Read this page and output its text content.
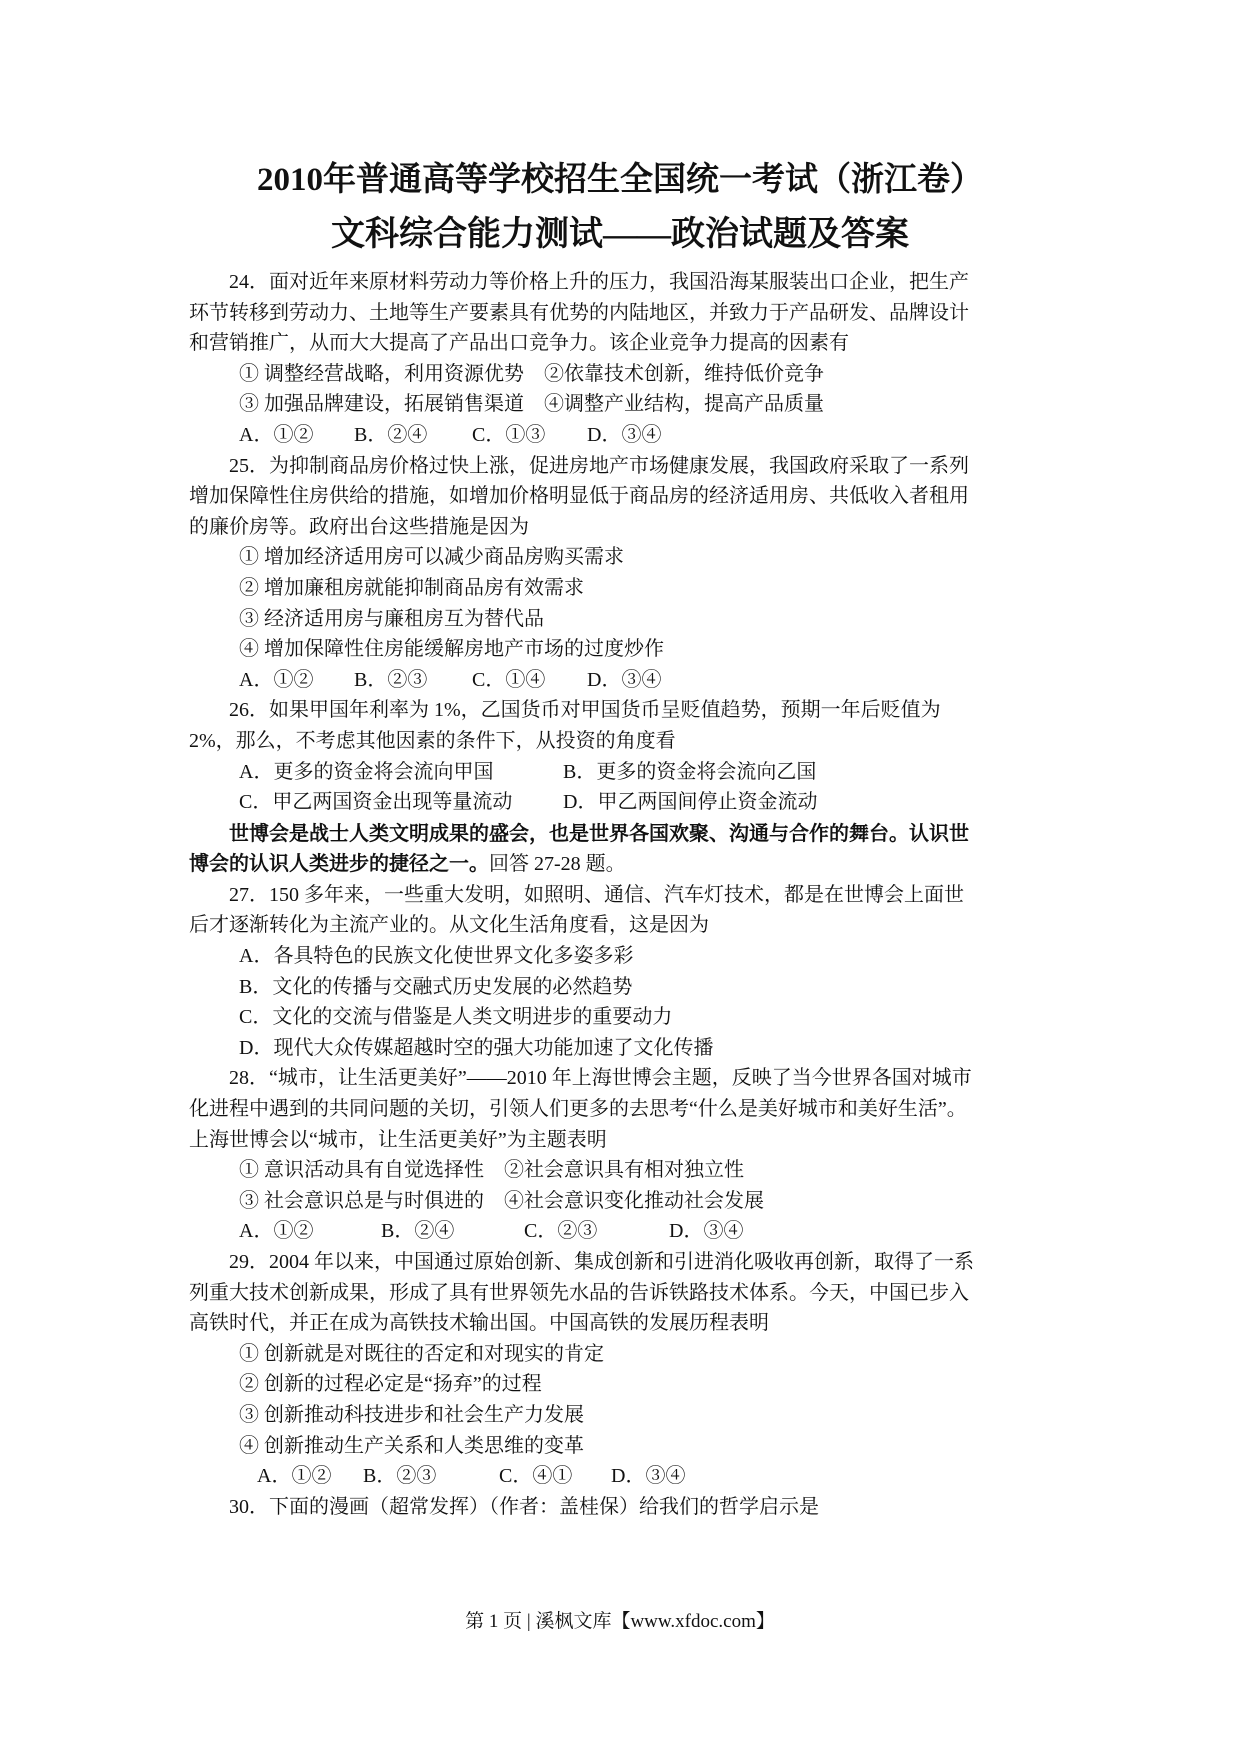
2010年普通高等学校招生全国统一考试（浙江卷）
文科综合能力测试——政治试题及答案

24．面对近年来原材料劳动力等价格上升的压力，我国沿海某服装出口企业，把生产

环节转移到劳动力、土地等生产要素具有优势的内陆地区，并致力于产品研发、品牌设计

和营销推广，从而大大提高了产品出口竞争力。该企业竞争力提高的因素有

① 调整经营战略，利用资源优势　②依靠技术创新，维持低价竞争

③ 加强品牌建设，拓展销售渠道　④调整产业结构，提高产品质量

A．①② B．②④ C．①③ D．③④

25．为抑制商品房价格过快上涨，促进房地产市场健康发展，我国政府采取了一系列

增加保障性住房供给的措施，如增加价格明显低于商品房的经济适用房、共低收入者租用

的廉价房等。政府出台这些措施是因为

① 增加经济适用房可以减少商品房购买需求

② 增加廉租房就能抑制商品房有效需求

③ 经济适用房与廉租房互为替代品

④ 增加保障性住房能缓解房地产市场的过度炒作

A．①② B．②③ C．①④ D．③④

26．如果甲国年利率为 1%，乙国货币对甲国货币呈贬值趋势，预期一年后贬值为

2%，那么，不考虑其他因素的条件下，从投资的角度看

A．更多的资金将会流向甲国	B．更多的资金将会流向乙国

C．甲乙两国资金出现等量流动	D．甲乙两国间停止资金流动

世博会是战士人类文明成果的盛会，也是世界各国欢聚、沟通与合作的舞台。认识世

博会的认识人类进步的捷径之一。回答 27-28 题。

27．150 多年来，一些重大发明，如照明、通信、汽车灯技术，都是在世博会上面世

后才逐渐转化为主流产业的。从文化生活角度看，这是因为

A．各具特色的民族文化使世界文化多姿多彩

B．文化的传播与交融式历史发展的必然趋势

C．文化的交流与借鉴是人类文明进步的重要动力

D．现代大众传媒超越时空的强大功能加速了文化传播

28．“城市，让生活更美好”——2010 年上海世博会主题，反映了当今世界各国对城市

化进程中遇到的共同问题的关切，引领人们更多的去思考“什么是美好城市和美好生活”。

上海世博会以“城市，让生活更美好”为主题表明

① 意识活动具有自觉选择性　②社会意识具有相对独立性

③ 社会意识总是与时俱进的　④社会意识变化推动社会发展

A．①②	B．②④	C．②③	D．③④

29．2004 年以来，中国通过原始创新、集成创新和引进消化吸收再创新，取得了一系

列重大技术创新成果，形成了具有世界领先水品的告诉铁路技术体系。今天，中国已步入

高铁时代，并正在成为高铁技术输出国。中国高铁的发展历程表明

① 创新就是对既往的否定和对现实的肯定

② 创新的过程必定是“扬弃”的过程

③ 创新推动科技进步和社会生产力发展

④ 创新推动生产关系和人类思维的变革

A．①② B．②③	C．④① D．③④

30．下面的漫画（超常发挥）（作者：盖桂保）给我们的哲学启示是

第 1 页 | 溪枫文库【www.xfdoc.com】
